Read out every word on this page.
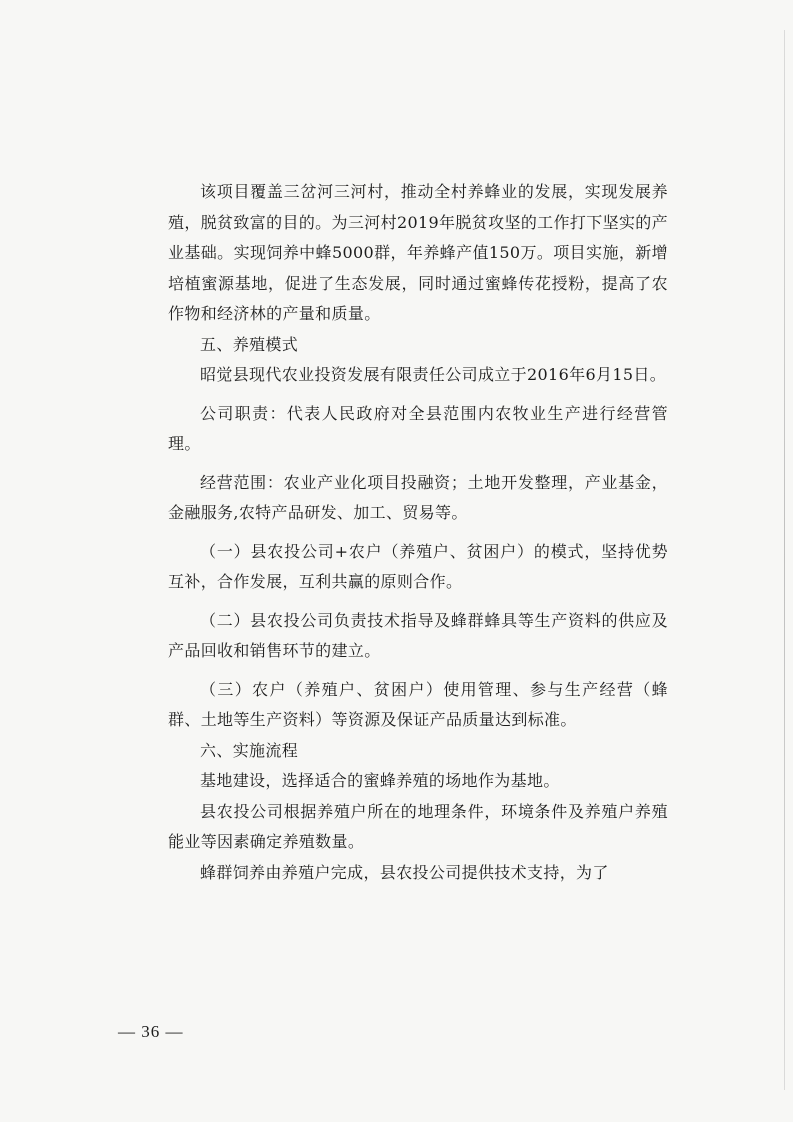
该项目覆盖三岔河三河村，推动全村养蜂业的发展，实现发展养殖，脱贫致富的目的。为三河村2019年脱贫攻坚的工作打下坚实的产业基础。实现饲养中蜂5000群，年养蜂产值150万。项目实施，新增培植蜜源基地，促进了生态发展，同时通过蜜蜂传花授粉，提高了农作物和经济林的产量和质量。

五、养殖模式

昭觉县现代农业投资发展有限责任公司成立于2016年6月15日。

公司职责：代表人民政府对全县范围内农牧业生产进行经营管理。

经营范围：农业产业化项目投融资；土地开发整理，产业基金，金融服务,农特产品研发、加工、贸易等。

（一）县农投公司+农户（养殖户、贫困户）的模式，坚持优势互补，合作发展，互利共赢的原则合作。

（二）县农投公司负责技术指导及蜂群蜂具等生产资料的供应及产品回收和销售环节的建立。

（三）农户（养殖户、贫困户）使用管理、参与生产经营（蜂群、土地等生产资料）等资源及保证产品质量达到标准。

六、实施流程

基地建设，选择适合的蜜蜂养殖的场地作为基地。

县农投公司根据养殖户所在的地理条件，环境条件及养殖户养殖能业等因素确定养殖数量。

蜂群饲养由养殖户完成，县农投公司提供技术支持，为了

— 36 —
